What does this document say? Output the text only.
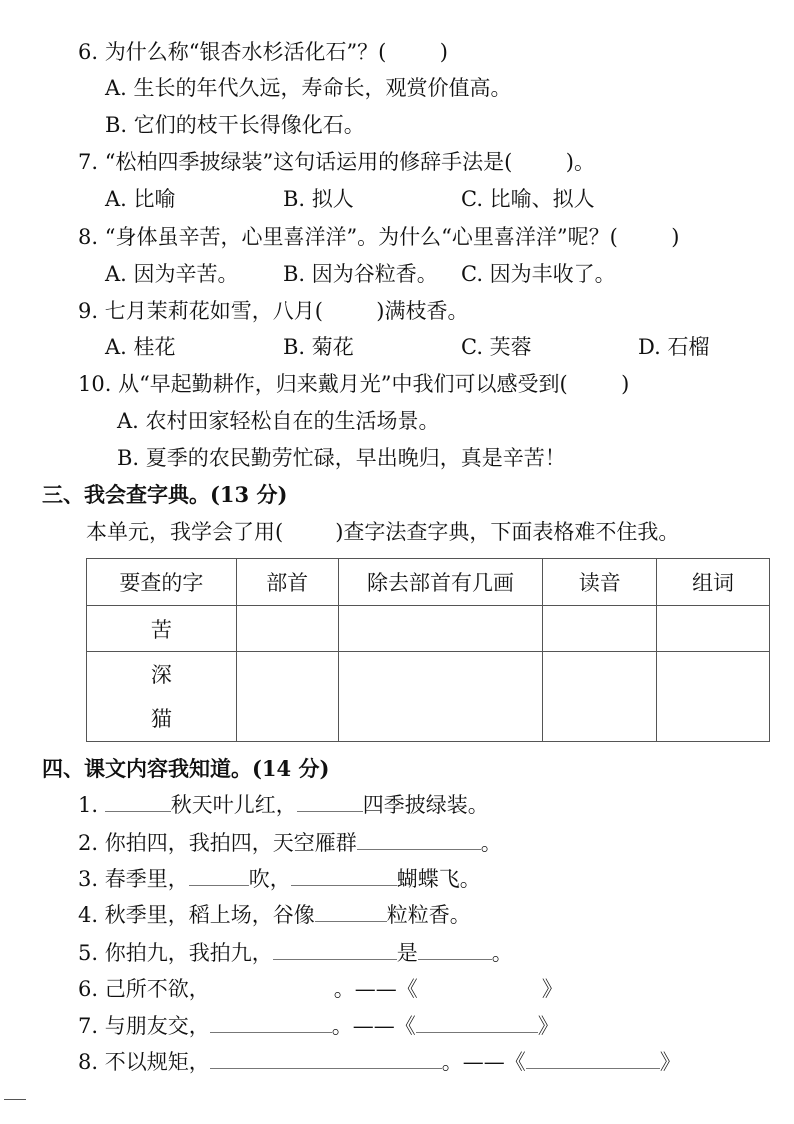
6. 为什么称“银杏水杉活化石”？(        )
A. 生长的年代久远，寿命长，观赏价值高。
B. 它们的枝干长得像化石。
7. “松柏四季披绿装”这句话运用的修辞手法是(        )。
A. 比喻	B. 拟人	C. 比喻、拟人
8. “身体虽辛苦，心里喜洋洋”。为什么“心里喜洋洋”呢？(        )
A. 因为辛苦。 B. 因为谷粒香。 C. 因为丰收了。
9. 七月茉莉花如雪，八月(        )满枝香。
A. 桂花	B. 菊花	C. 芙蓉	D. 石榴
10. 从“早起勤耕作，归来戴月光”中我们可以感受到(        )
A. 农村田家轻松自在的生活场景。
B. 夏季的农民勤劳忙碌，早出晚归，真是辛苦！
三、我会查字典。(13 分)
本单元，我学会了用( )查字法查字典，下面表格难不住我。
要查的字	部首	除去部首有几画	读音	组词
苦				

深
猫				

四、课文内容我知道。(14 分)
1.	秋天叶儿红，	四季披绿装。
2. 你拍四，我拍四，天空雁群	。
3. 春季里，	吹，	蝴蝶飞。
4. 秋季里，稻上场，谷像	粒粒香。
5. 你拍九，我拍九，	是	。
6. 己所不欲，	。——《	》
7. 与朋友交，	。——《	》
8. 不以规矩，	。——《	》
